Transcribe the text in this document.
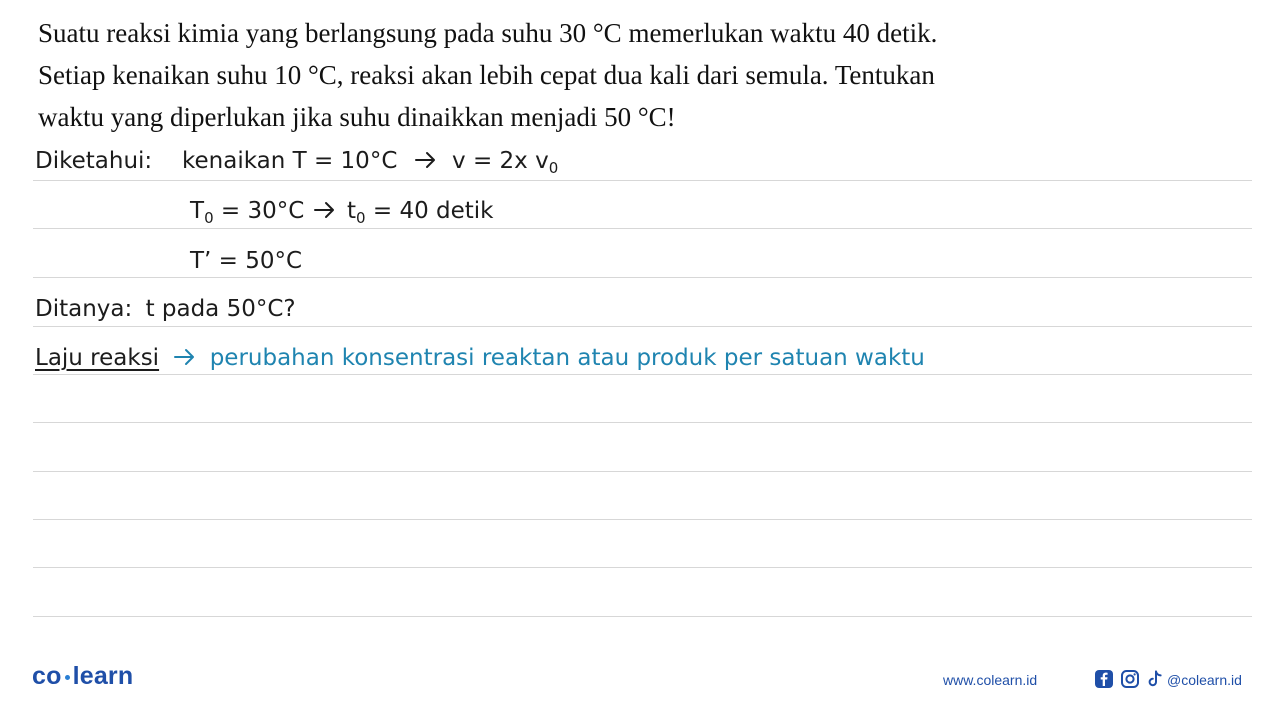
Suatu reaksi kimia yang berlangsung pada suhu 30 °C memerlukan waktu 40 detik.
Setiap kenaikan suhu 10 °C, reaksi akan lebih cepat dua kali dari semula. Tentukan
waktu yang diperlukan jika suhu dinaikkan menjadi 50 °C!
Diketahui: kenaikan T = 10°C v = 2x $v_0$
$T_0 = 30^\circ C$ $t_0 = 40$ detik
T’ = 50°C
Ditanya: t pada 50°C?
Laju reaksi perubahan konsentrasi reaktan atau produk per satuan waktu
co learn	www.colearn.id	@colearn.id
